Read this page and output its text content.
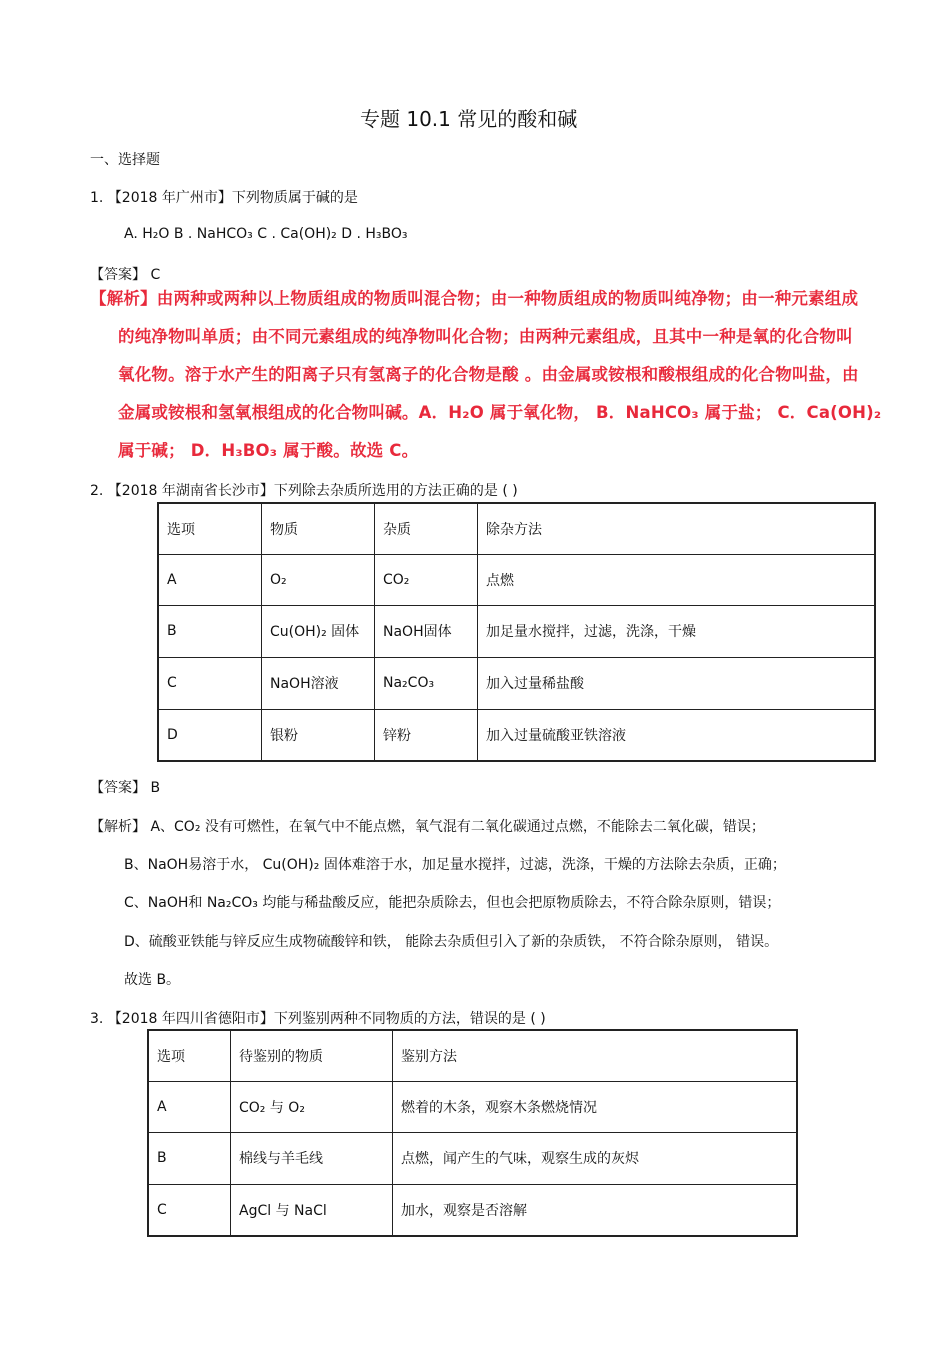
专题 10.1 常见的酸和碱
一、选择题
1. 【2018 年广州市】下列物质属于碱的是
A. H₂O B . NaHCO₃ C . Ca(OH)₂ D . H₃BO₃
【答案】 C
【解析】由两种或两种以上物质组成的物质叫混合物；由一种物质组成的物质叫纯净物；由一种元素组成
的纯净物叫单质；由不同元素组成的纯净物叫化合物；由两种元素组成，且其中一种是氧的化合物叫
氧化物。溶于水产生的阳离子只有氢离子的化合物是酸 。由金属或铵根和酸根组成的化合物叫盐，由
金属或铵根和氢氧根组成的化合物叫碱。A．H₂O 属于氧化物， B．NaHCO₃ 属于盐； C．Ca(OH)₂
属于碱； D．H₃BO₃ 属于酸。故选 C。
2. 【2018 年湖南省长沙市】下列除去杂质所选用的方法正确的是 ( )
选项	物质	杂质	除杂方法
A	O₂	CO₂	点燃
B	Cu(OH)₂ 固体	NaOH固体	加足量水搅拌，过滤，洗涤，干燥
C	NaOH溶液	Na₂CO₃	加入过量稀盐酸
D	银粉	锌粉	加入过量硫酸亚铁溶液
【答案】 B
【解析】 A、CO₂ 没有可燃性，在氧气中不能点燃，氧气混有二氧化碳通过点燃，不能除去二氧化碳，错误；
B、NaOH易溶于水， Cu(OH)₂ 固体难溶于水，加足量水搅拌，过滤，洗涤，干燥的方法除去杂质，正确；
C、NaOH和 Na₂CO₃ 均能与稀盐酸反应，能把杂质除去，但也会把原物质除去，不符合除杂原则，错误；
D、硫酸亚铁能与锌反应生成物硫酸锌和铁， 能除去杂质但引入了新的杂质铁， 不符合除杂原则， 错误。
故选 B。
3. 【2018 年四川省德阳市】下列鉴别两种不同物质的方法，错误的是 ( )
选项	待鉴别的物质	鉴别方法
A	CO₂ 与 O₂	燃着的木条，观察木条燃烧情况
B	棉线与羊毛线	点燃，闻产生的气味，观察生成的灰烬
C	AgCl 与 NaCl	加水，观察是否溶解
